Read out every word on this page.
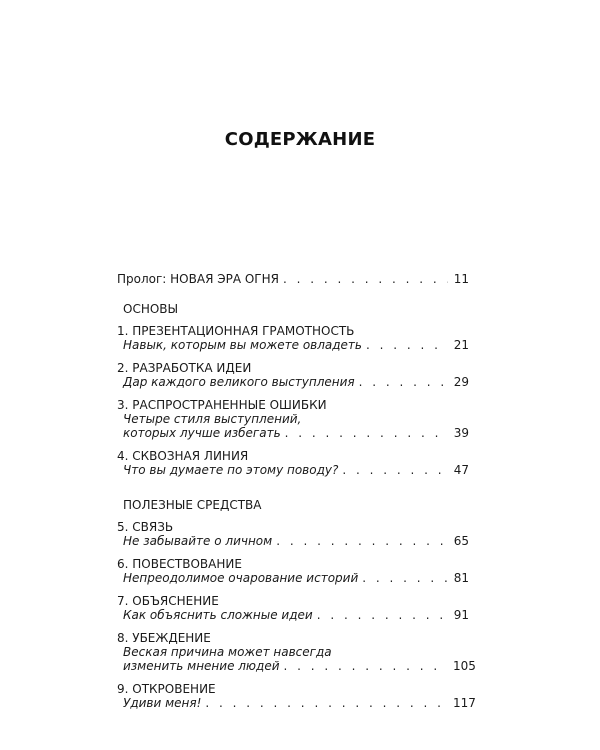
СОДЕРЖАНИЕ
Пролог: НОВАЯ ЭРА ОГНЯ . . .	11
ОСНОВЫ
1. ПРЕЗЕНТАЦИОННАЯ ГРАМОТНОСТЬ
Навык, которым вы можете овладеть . . .	21
2. РАЗРАБОТКА ИДЕИ
Дар каждого великого выступления . . .	29
3. РАСПРОСТРАНЕННЫЕ ОШИБКИ
Четыре стиля выступлений,
которых лучше избегать . . .	39
4. СКВОЗНАЯ ЛИНИЯ
Что вы думаете по этому поводу? . . .	47
ПОЛЕЗНЫЕ СРЕДСТВА
5. СВЯЗЬ
Не забывайте о личном . . .	65
6. ПОВЕСТВОВАНИЕ
Непреодолимое очарование историй . . .	81
7. ОБЪЯСНЕНИЕ
Как объяснить сложные идеи . . .	91
8. УБЕЖДЕНИЕ
Веская причина может навсегда
изменить мнение людей . . .	105
9. ОТКРОВЕНИЕ
Удиви меня! . . .	117
